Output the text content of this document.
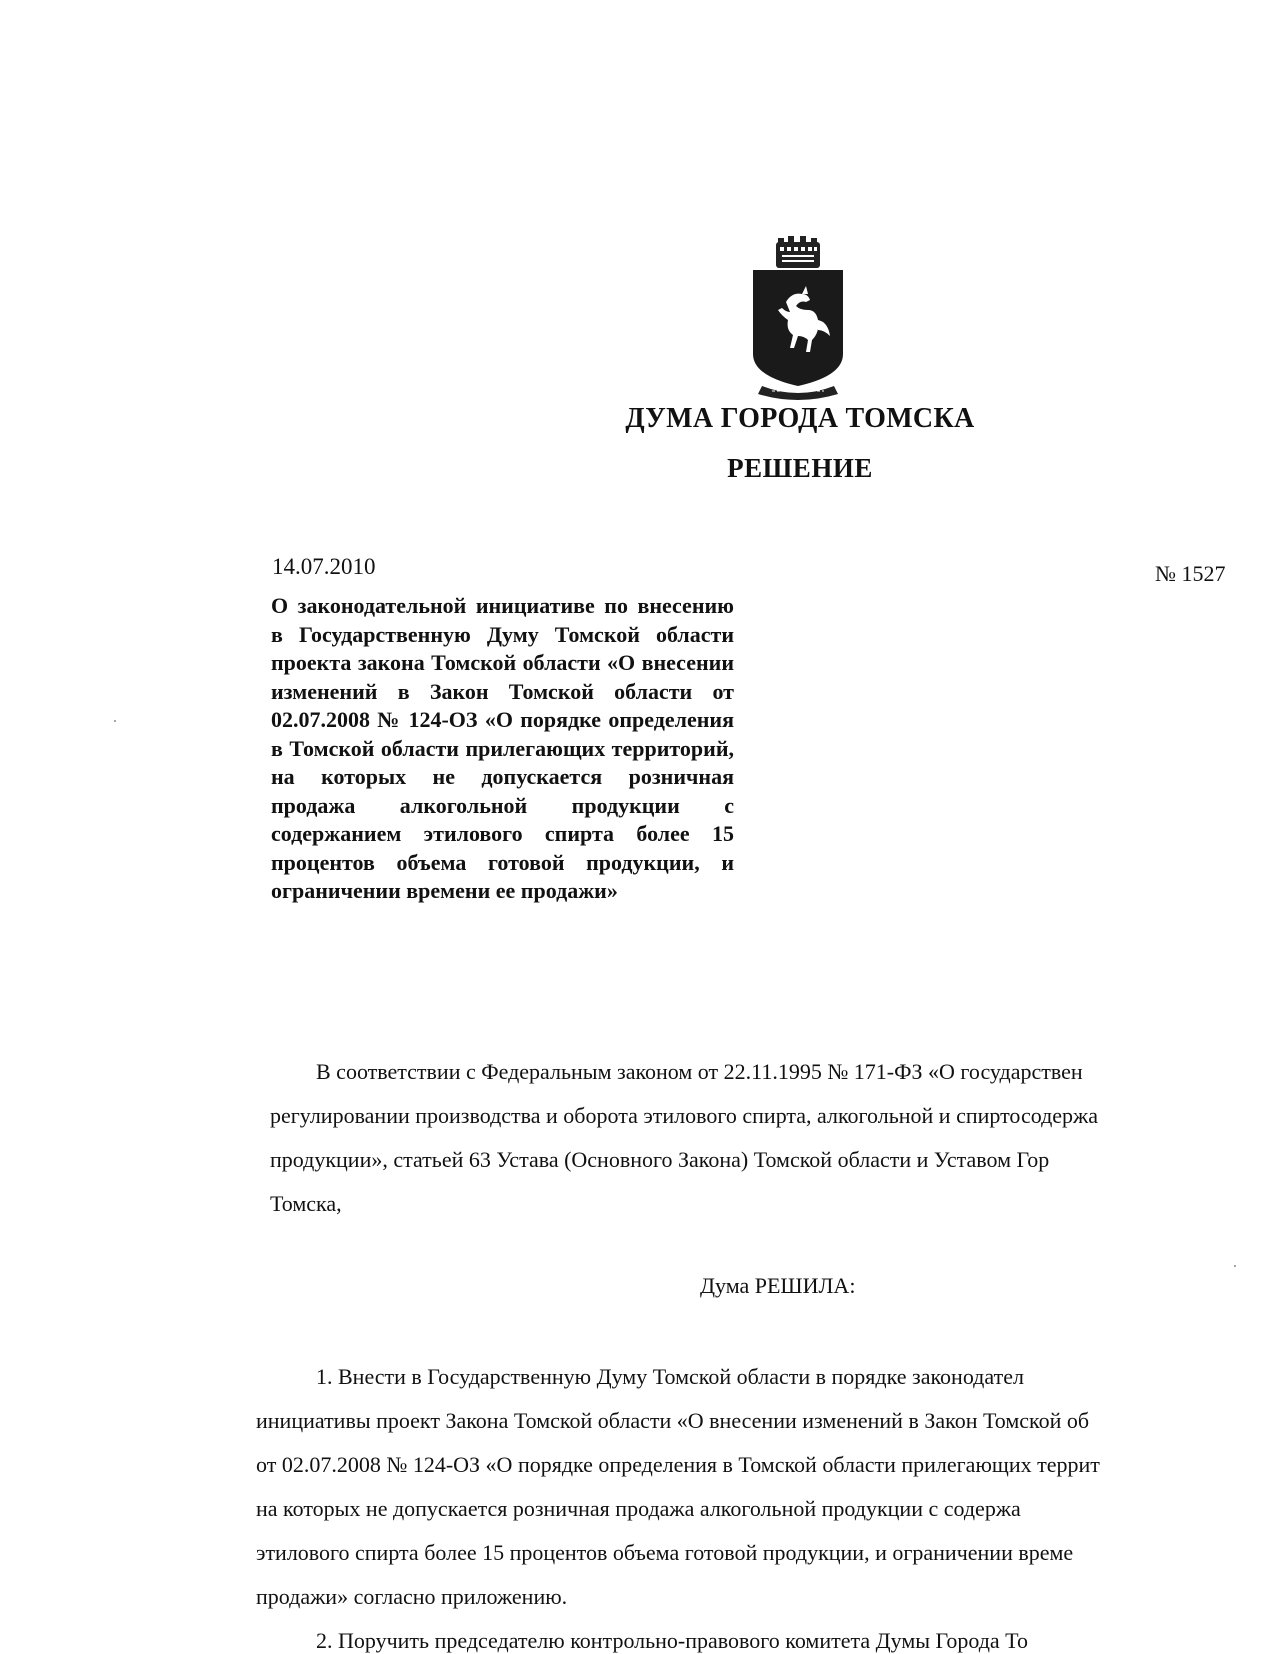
ДУМА ГОРОДА ТОМСКА
РЕШЕНИЕ
14.07.2010	№ 1527
О законодательной инициативе по внесению в Государственную Думу Томской области проекта закона Томской области «О внесении изменений в Закон Томской области от 02.07.2008 № 124-ОЗ «О порядке определения в Томской области прилегающих территорий, на которых не допускается розничная продажа алкогольной продукции с содержанием этилового спирта более 15 процентов объема готовой продукции, и ограничении времени ее продажи»
В соответствии с Федеральным законом от 22.11.1995 № 171-ФЗ «О государствен
регулировании производства и оборота этилового спирта, алкогольной и спиртосодержа
продукции», статьей 63 Устава (Основного Закона) Томской области и Уставом Гор
Томска,
Дума РЕШИЛА:
1. Внести в Государственную Думу Томской области в порядке законодател
инициативы проект Закона Томской области «О внесении изменений в Закон Томской об
от 02.07.2008 № 124-ОЗ «О порядке определения в Томской области прилегающих террит
на которых не допускается розничная продажа алкогольной продукции с содержа
этилового спирта более 15 процентов объема готовой продукции, и ограничении време
продажи» согласно приложению.
2. Поручить председателю контрольно-правового комитета Думы Города То
